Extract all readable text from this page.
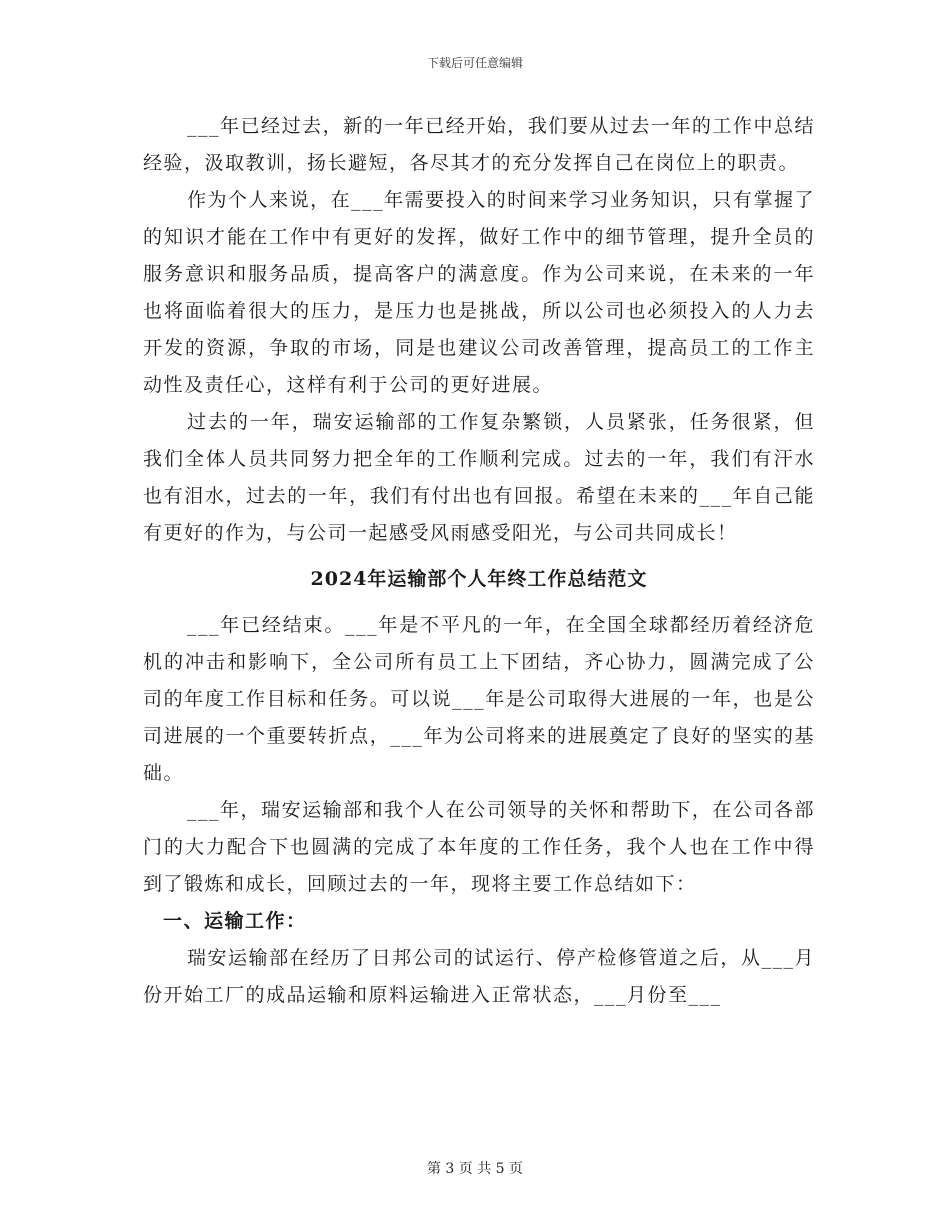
下载后可任意编辑

___年已经过去，新的一年已经开始，我们要从过去一年的工作中总结经验，汲取教训，扬长避短，各尽其才的充分发挥自己在岗位上的职责。

作为个人来说，在___年需要投入的时间来学习业务知识，只有掌握了的知识才能在工作中有更好的发挥，做好工作中的细节管理，提升全员的服务意识和服务品质，提高客户的满意度。作为公司来说，在未来的一年也将面临着很大的压力，是压力也是挑战，所以公司也必须投入的人力去开发的资源，争取的市场，同是也建议公司改善管理，提高员工的工作主动性及责任心，这样有利于公司的更好进展。

过去的一年，瑞安运输部的工作复杂繁锁，人员紧张，任务很紧，但我们全体人员共同努力把全年的工作顺利完成。过去的一年，我们有汗水也有泪水，过去的一年，我们有付出也有回报。希望在未来的___年自己能有更好的作为，与公司一起感受风雨感受阳光，与公司共同成长！

2024年运输部个人年终工作总结范文

___年已经结束。___年是不平凡的一年，在全国全球都经历着经济危机的冲击和影响下，全公司所有员工上下团结，齐心协力，圆满完成了公司的年度工作目标和任务。可以说___年是公司取得大进展的一年，也是公司进展的一个重要转折点，___年为公司将来的进展奠定了良好的坚实的基础。

___年，瑞安运输部和我个人在公司领导的关怀和帮助下，在公司各部门的大力配合下也圆满的完成了本年度的工作任务，我个人也在工作中得到了锻炼和成长，回顾过去的一年，现将主要工作总结如下：

一、运输工作：

瑞安运输部在经历了日邦公司的试运行、停产检修管道之后，从___月份开始工厂的成品运输和原料运输进入正常状态，___月份至___

第 3 页 共 5 页
